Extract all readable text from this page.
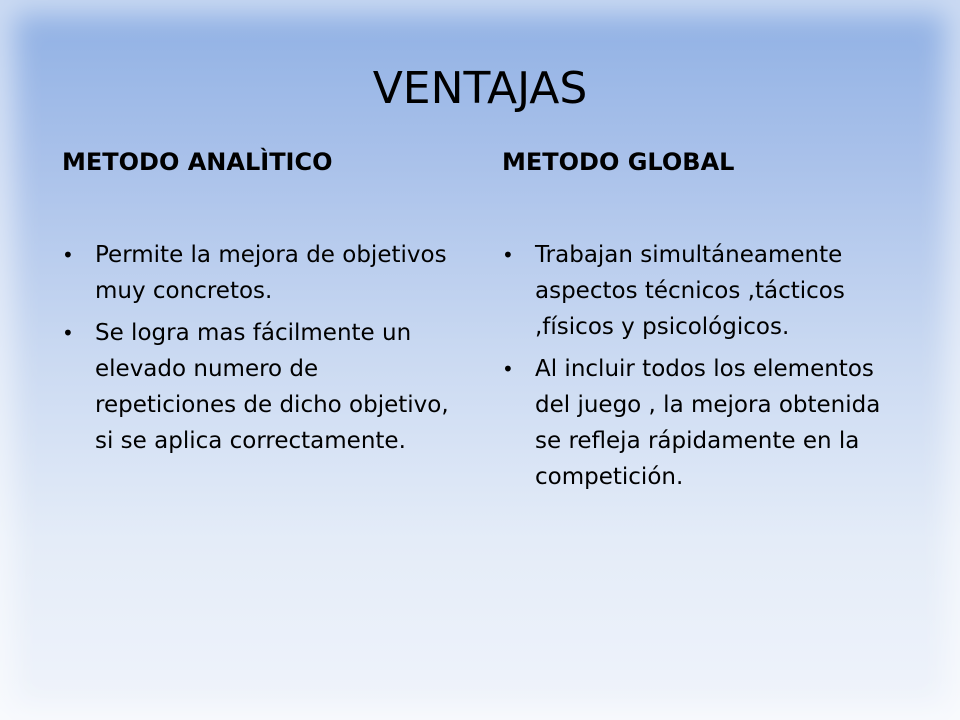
VENTAJAS
METODO ANALÌTICO	METODO GLOBAL
• Permite la mejora de objetivos muy concretos.
• Se logra mas fácilmente un elevado numero de repeticiones de dicho objetivo, si se aplica correctamente.
• Trabajan simultáneamente aspectos técnicos ,tácticos ,físicos y psicológicos.
• Al incluir todos los elementos del juego , la mejora obtenida se refleja rápidamente en la competición.
